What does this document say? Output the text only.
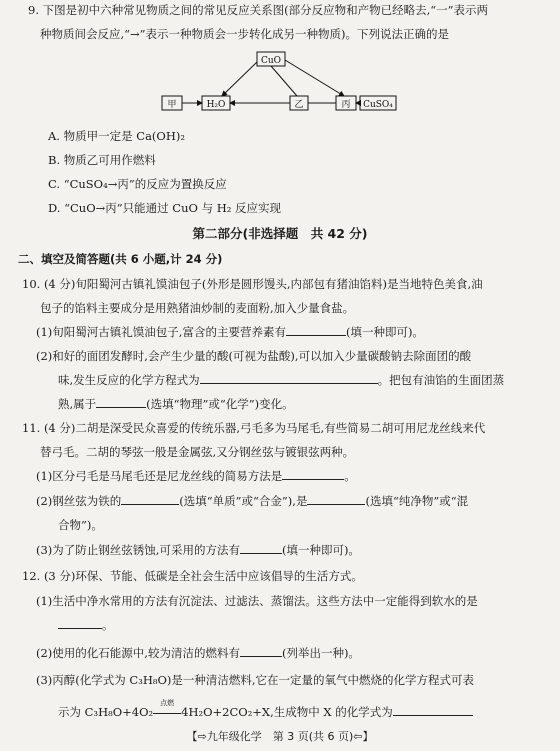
9. 下图是初中六种常见物质之间的常见反应关系图(部分反应物和产物已经略去,“一”表示两
种物质间会反应,“→”表示一种物质会一步转化成另一种物质)。下列说法正确的是
CuO
甲	H₂O	乙	丙 CuSO₄
A. 物质甲一定是 Ca(OH)₂
B. 物质乙可用作燃料
C. “CuSO₄→丙”的反应为置换反应
D. “CuO→丙”只能通过 CuO 与 H₂ 反应实现
第二部分(非选择题　共 42 分)
二、填空及简答题(共 6 小题,计 24 分)
10. (4 分)旬阳蜀河古镇礼馍油包子(外形是圆形馒头,内部包有猪油馅料)是当地特色美食,油
包子的馅料主要成分是用熟猪油炒制的麦面粉,加入少量食盐。
(1)旬阳蜀河古镇礼馍油包子,富含的主要营养素有	(填一种即可)。
(2)和好的面团发酵时,会产生少量的酸(可视为盐酸),可以加入少量碳酸钠去除面团的酸
味,发生反应的化学方程式为	。把包有油馅的生面团蒸
熟,属于	(选填“物理”或“化学”)变化。
11. (4 分)二胡是深受民众喜爱的传统乐器,弓毛多为马尾毛,有些简易二胡可用尼龙丝线来代
替弓毛。二胡的琴弦一般是金属弦,又分钢丝弦与镀银弦两种。
(1)区分弓毛是马尾毛还是尼龙丝线的简易方法是	。
(2)钢丝弦为铁的	(选填“单质”或“合金”),是	(选填“纯净物”或“混
合物”)。
(3)为了防止钢丝弦锈蚀,可采用的方法有	(填一种即可)。
12. (3 分)环保、节能、低碳是全社会生活中应该倡导的生活方式。
(1)生活中净水常用的方法有沉淀法、过滤法、蒸馏法。这些方法中一定能得到软水的是
。
(2)使用的化石能源中,较为清洁的燃料有	(列举出一种)。
(3)丙醇(化学式为 C₃H₈O)是一种清洁燃料,它在一定量的氧气中燃烧的化学方程式可表
示为 C₃H₈O+4O₂
点燃
4H₂O+2CO₂+X,生成物中 X 的化学式为
【⇨九年级化学　第 3 页(共 6 页)⇦】
